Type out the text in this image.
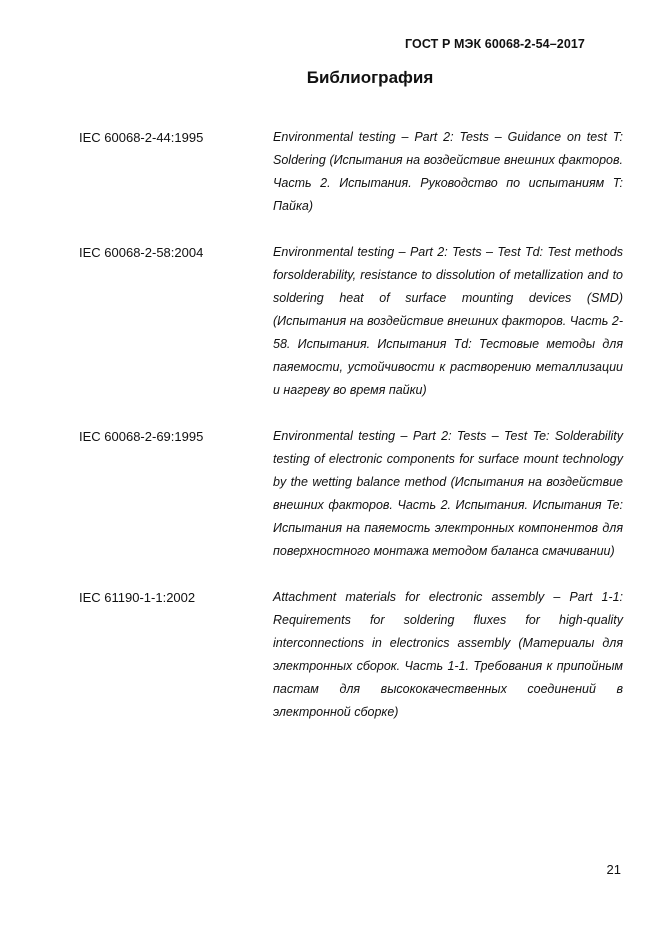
ГОСТ Р МЭК 60068-2-54–2017
Библиография
IEC 60068-2-44:1995	Environmental testing – Part 2: Tests – Guidance on test T: Soldering (Испытания на воздействие внешних факторов. Часть 2. Испытания. Руководство по испытаниям T: Пайка)
IEC 60068-2-58:2004	Environmental testing – Part 2: Tests – Test Td: Test methods forsolderability, resistance to dissolution of metallization and to soldering heat of surface mounting devices (SMD) (Испытания на воздействие внешних факторов. Часть 2-58. Испытания. Испытания Тd: Тестовые методы для паяемости, устойчивости к растворению металлизации и нагреву во время пайки)
IEC 60068-2-69:1995	Environmental testing – Part 2: Tests – Test Te: Solderability testing of electronic components for surface mount technology by the wetting balance method (Испытания на воздействие внешних факторов. Часть 2. Испытания. Испытания Te: Испытания на паяемость электронных компонентов для поверхностного монтажа методом баланса смачивании)
IEC 61190-1-1:2002	Attachment materials for electronic assembly – Part 1-1: Requirements for soldering fluxes for high-quality interconnections in electronics assembly (Материалы для электронных сборок. Часть 1-1. Требования к припойным пастам для высококачественных соединений в электронной сборке)
21
